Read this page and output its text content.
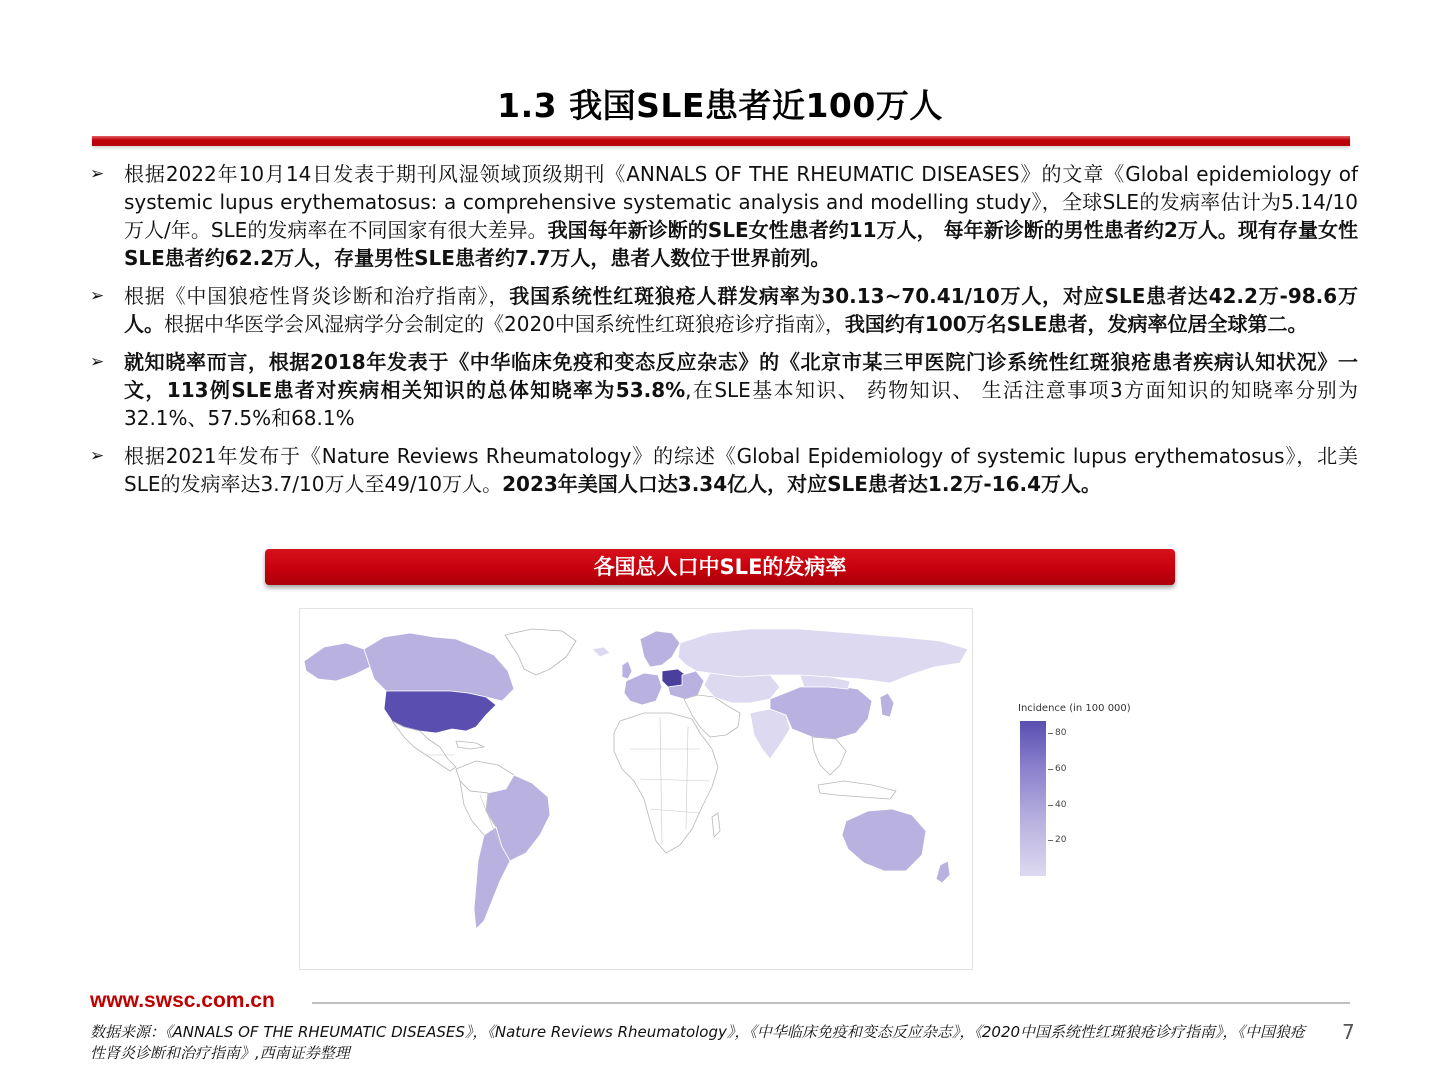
1.3 我国SLE患者近100万人
➢ 根据2022年10月14日发表于期刊风湿领域顶级期刊《ANNALS OF THE RHEUMATIC DISEASES》的文章《Global epidemiology of systemic lupus erythematosus: a comprehensive systematic analysis and modelling study》，全球SLE的发病率估计为5.14/10万人/年。SLE的发病率在不同国家有很大差异。我国每年新诊断的SLE女性患者约11万人， 每年新诊断的男性患者约2万人。现有存量女性SLE患者约62.2万人，存量男性SLE患者约7.7万人，患者人数位于世界前列。
➢ 根据《中国狼疮性肾炎诊断和治疗指南》，我国系统性红斑狼疮人群发病率为30.13~70.41/10万人，对应SLE患者达42.2万-98.6万人。根据中华医学会风湿病学分会制定的《2020中国系统性红斑狼疮诊疗指南》，我国约有100万名SLE患者，发病率位居全球第二。
➢ 就知晓率而言，根据2018年发表于《中华临床免疫和变态反应杂志》的《北京市某三甲医院门诊系统性红斑狼疮患者疾病认知状况》一文，113例SLE患者对疾病相关知识的总体知晓率为53.8%,在SLE基本知识、 药物知识、 生活注意事项3方面知识的知晓率分别为32.1%、57.5%和68.1%
➢ 根据2021年发布于《Nature Reviews Rheumatology》的综述《Global Epidemiology of systemic lupus erythematosus》，北美SLE的发病率达3.7/10万人至49/10万人。2023年美国人口达3.34亿人，对应SLE患者达1.2万-16.4万人。
各国总人口中SLE的发病率
Incidence (in 100 000)
80
60
40
20
www.swsc.com.cn
数据来源：《ANNALS OF THE RHEUMATIC DISEASES》，《Nature Reviews Rheumatology》，《中华临床免疫和变态反应杂志》，《2020中国系统性红斑狼疮诊疗指南》，《中国狼疮性肾炎诊断和治疗指南》,西南证券整理
7
